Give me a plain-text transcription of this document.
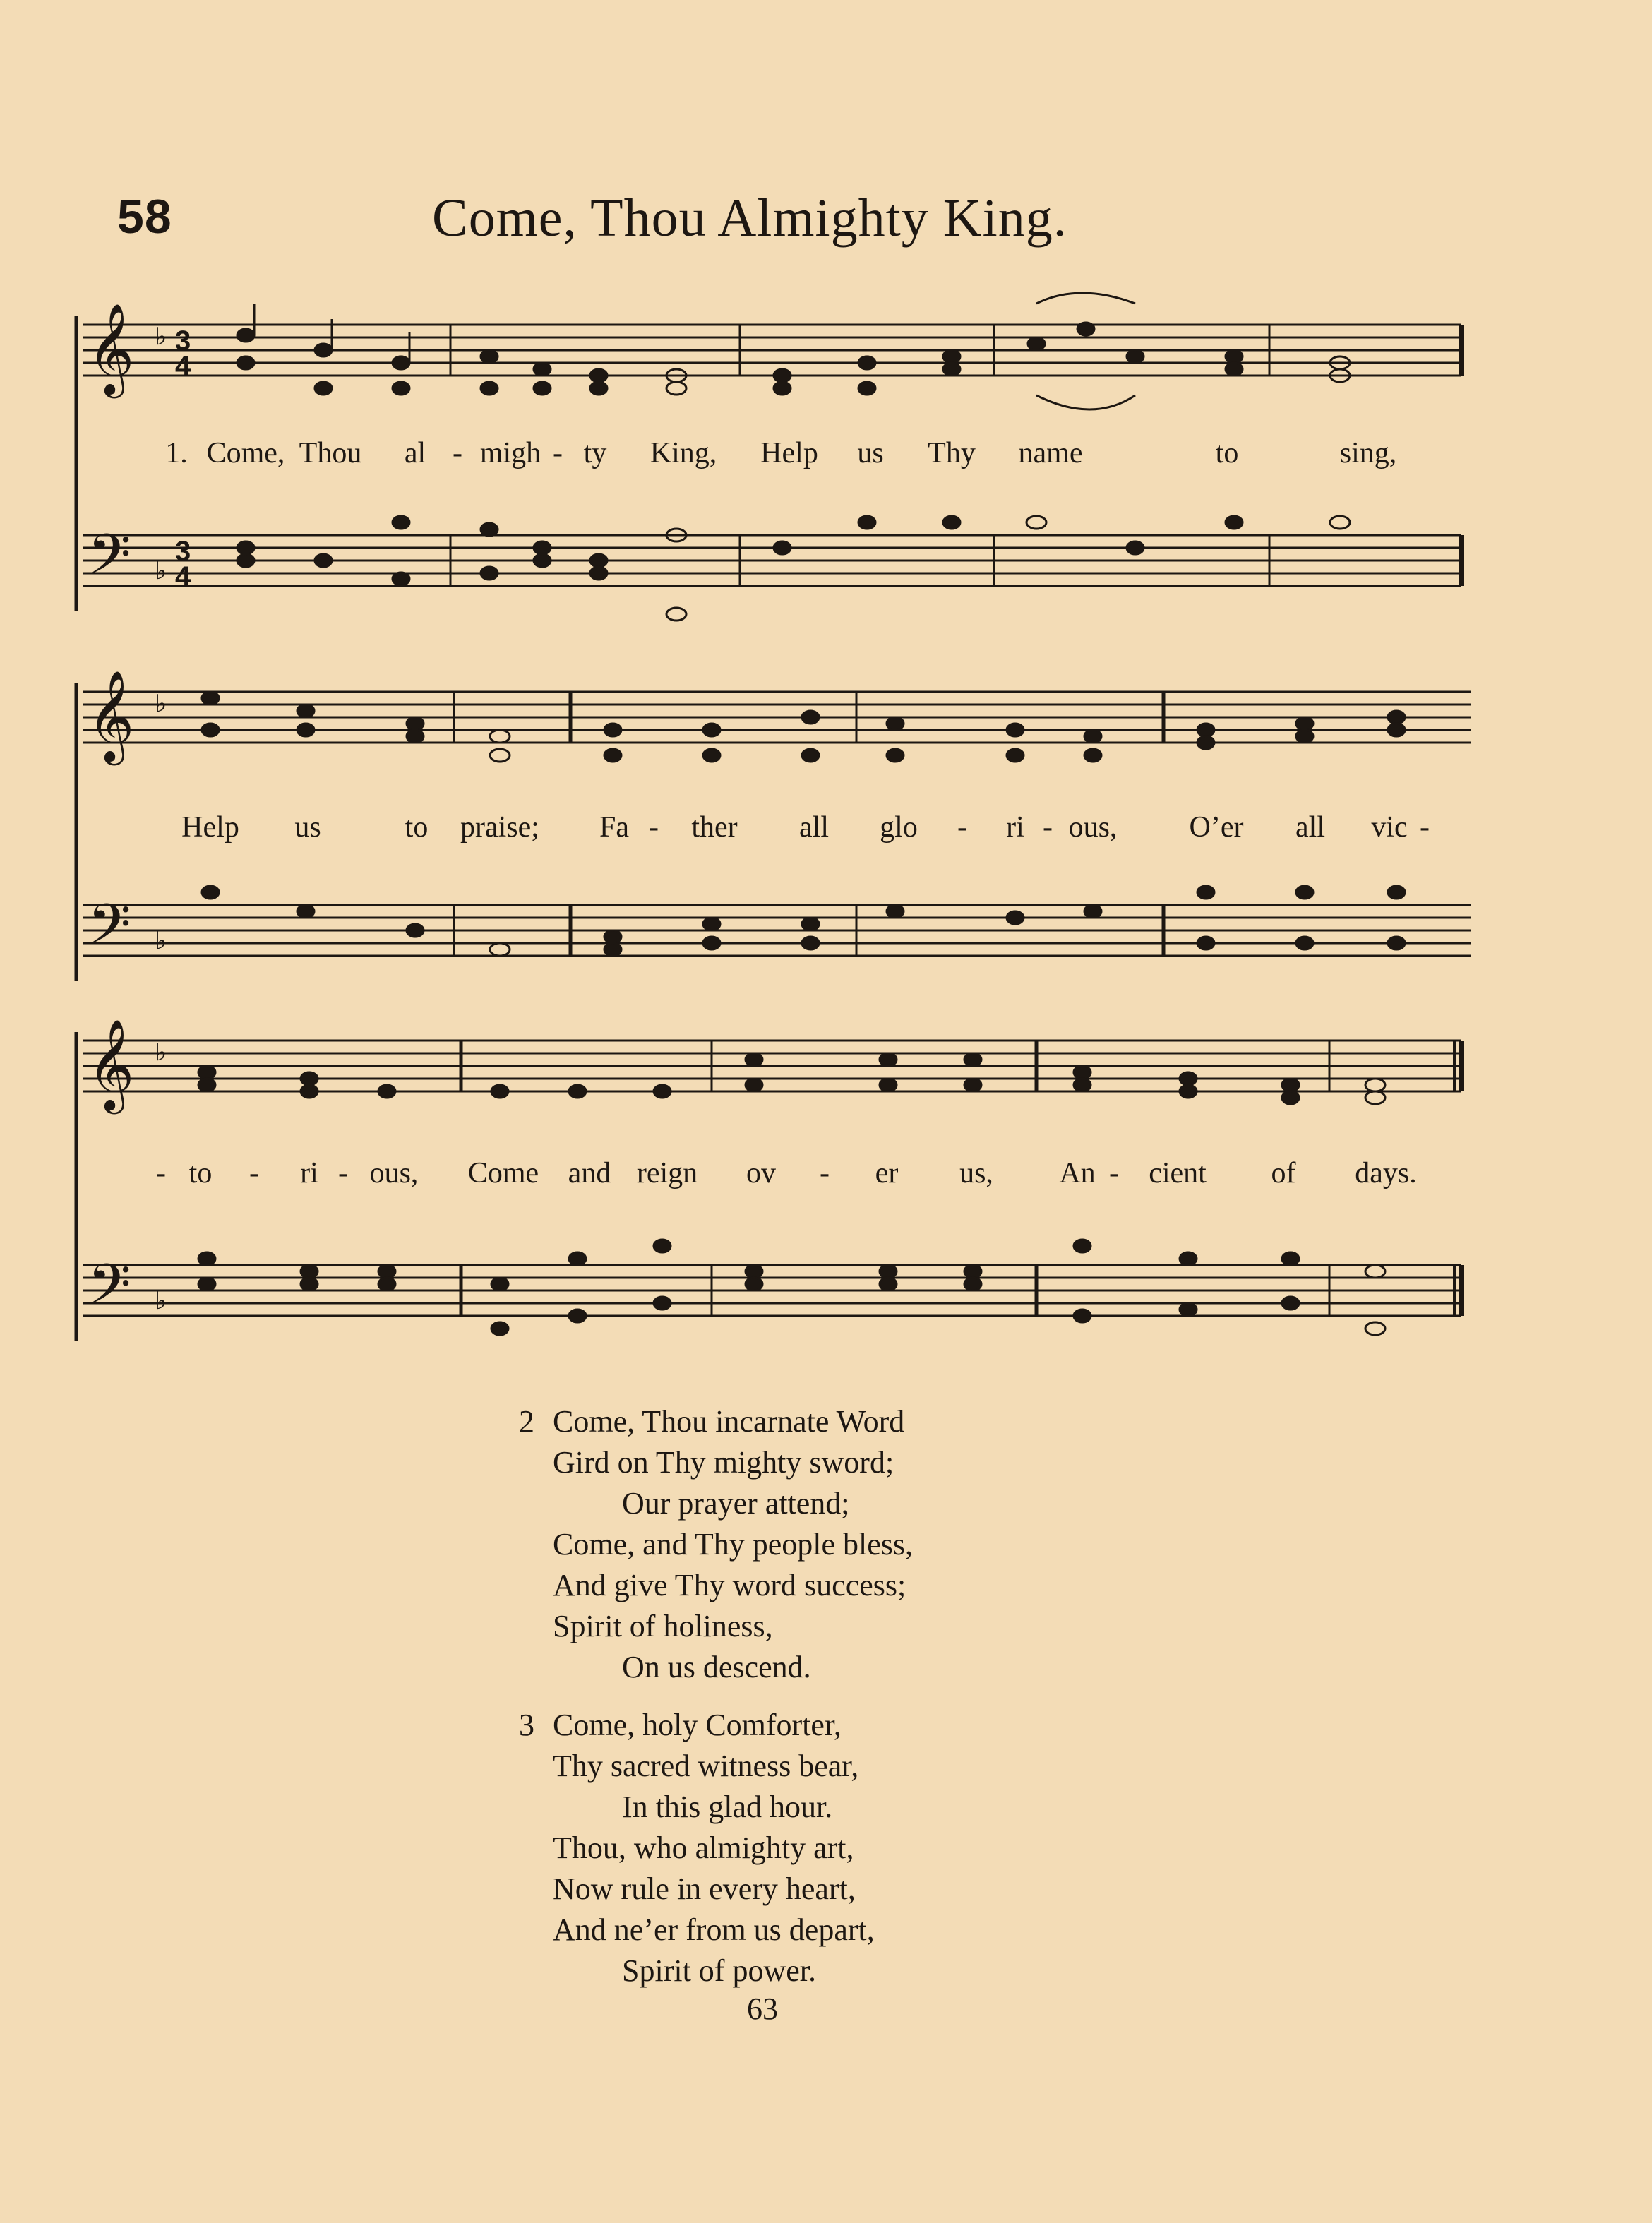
58	Come, Thou Almighty King.
𝄞
𝄢
♭
♭
3
4
3
4
1. Come, Thou al - migh - ty King, Help us Thy name	to	sing,
𝄞
𝄢
♭
♭
Help us	to praise; Fa - ther all glo - ri - ous, O’er all vic -
𝄞
𝄢
♭
♭
- to - ri - ous, Come and reign ov - er us, An - cient of days.
2 Come, Thou incarnate Word
Gird on Thy mighty sword;
Our prayer attend;
Come, and Thy people bless,
And give Thy word success;
Spirit of holiness,
On us descend.
3 Come, holy Comforter,
Thy sacred witness bear,
In this glad hour.
Thou, who almighty art,
Now rule in every heart,
And ne’er from us depart,
Spirit of power.
63
